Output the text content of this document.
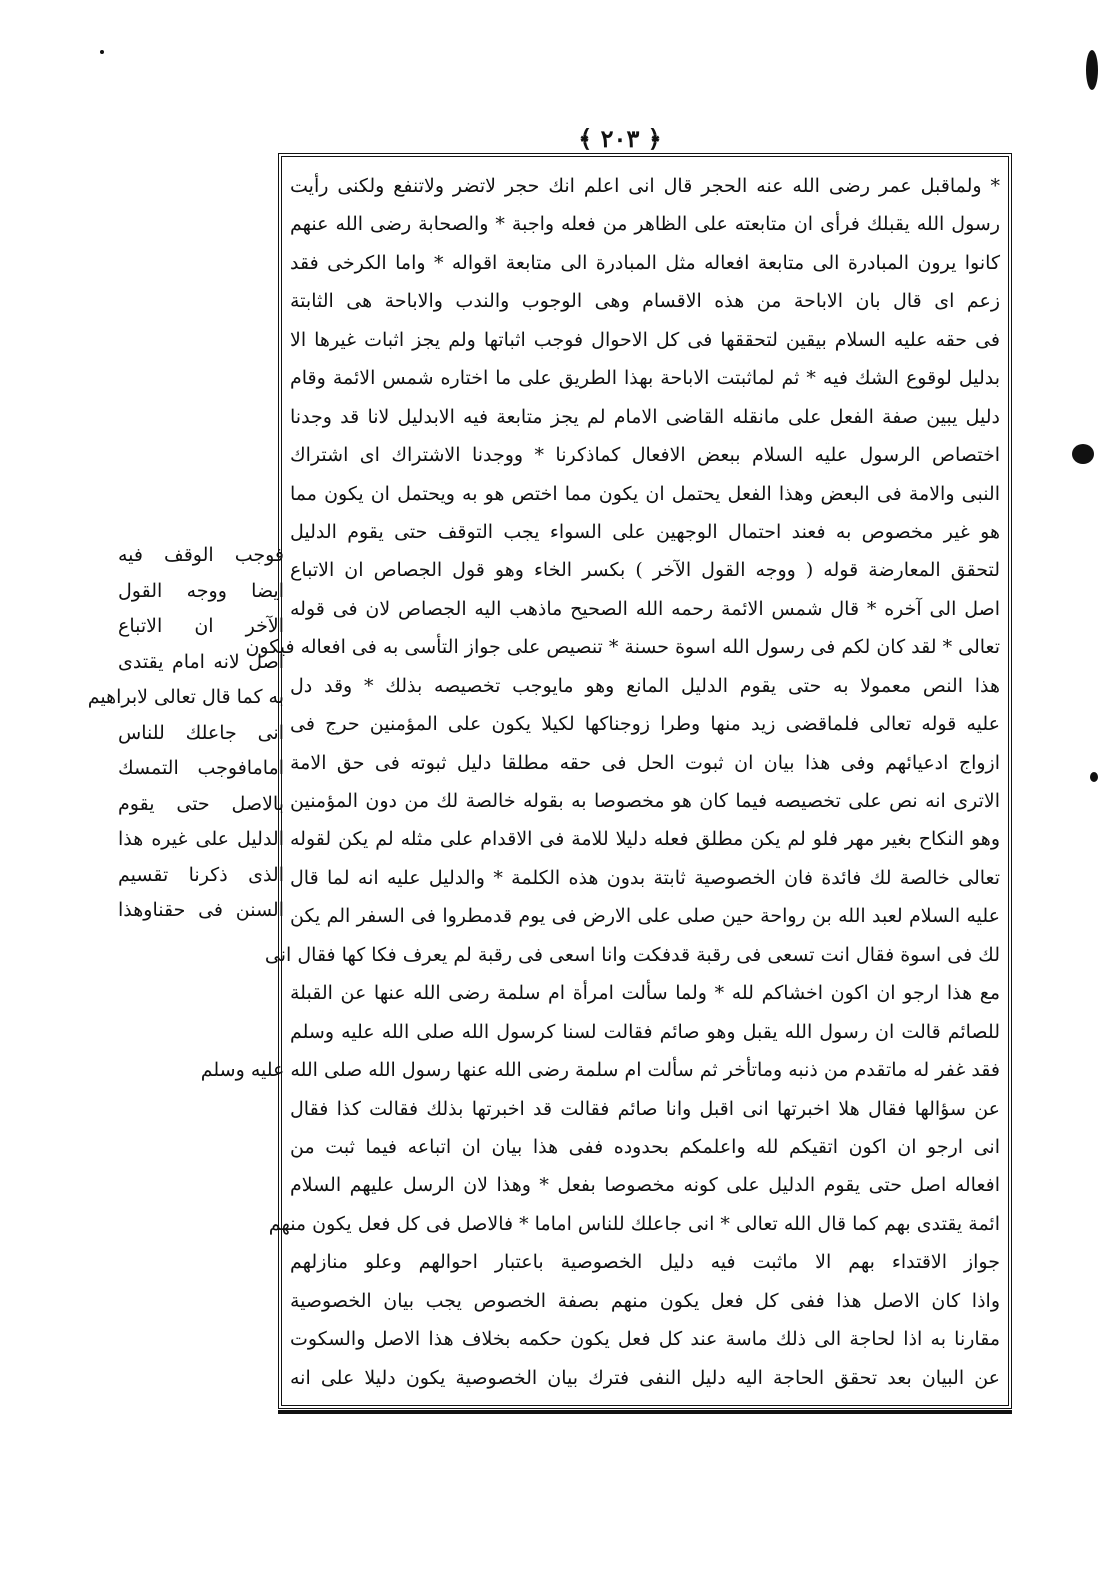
﴿ ٢٠٣ ﴾
* ولماقبل عمر رضى الله عنه الحجر قال انى اعلم انك حجر لاتضر ولاتنفع ولكنى رأيت
رسول الله يقبلك فرأى ان متابعته على الظاهر من فعله واجبة * والصحابة رضى الله عنهم
كانوا يرون المبادرة الى متابعة افعاله مثل المبادرة الى متابعة اقواله * واما الكرخى فقد
زعم اى قال بان الاباحة من هذه الاقسام وهى الوجوب والندب والاباحة هى الثابتة
فى حقه عليه السلام بيقين لتحققها فى كل الاحوال فوجب اثباتها ولم يجز اثبات غيرها الا
بدليل لوقوع الشك فيه * ثم لماثبتت الاباحة بهذا الطريق على ما اختاره شمس الائمة وقام
دليل يبين صفة الفعل على مانقله القاضى الامام لم يجز متابعة فيه الابدليل لانا قد وجدنا
اختصاص الرسول عليه السلام ببعض الافعال كماذكرنا * ووجدنا الاشتراك اى اشتراك
النبى والامة فى البعض وهذا الفعل يحتمل ان يكون مما اختص هو به ويحتمل ان يكون مما
هو غير مخصوص به فعند احتمال الوجهين على السواء يجب التوقف حتى يقوم الدليل
لتحقق المعارضة قوله ( ووجه القول الآخر ) بكسر الخاء وهو قول الجصاص ان الاتباع
اصل الى آخره * قال شمس الائمة رحمه الله الصحيح ماذهب اليه الجصاص لان فى قوله
تعالى * لقد كان لكم فى رسول الله اسوة حسنة * تنصيص على جواز التأسى به فى افعاله فيكون
هذا النص معمولا به حتى يقوم الدليل المانع وهو مايوجب تخصيصه بذلك * وقد دل
عليه قوله تعالى فلماقضى زيد منها وطرا زوجناكها لكيلا يكون على المؤمنين حرج فى
ازواج ادعيائهم وفى هذا بيان ان ثبوت الحل فى حقه مطلقا دليل ثبوته فى حق الامة
الاترى انه نص على تخصيصه فيما كان هو مخصوصا به بقوله خالصة لك من دون المؤمنين
وهو النكاح بغير مهر فلو لم يكن مطلق فعله دليلا للامة فى الاقدام على مثله لم يكن لقوله
تعالى خالصة لك فائدة فان الخصوصية ثابتة بدون هذه الكلمة * والدليل عليه انه لما قال
عليه السلام لعبد الله بن رواحة حين صلى على الارض فى يوم قدمطروا فى السفر الم يكن
لك فى اسوة فقال انت تسعى فى رقبة قدفكت وانا اسعى فى رقبة لم يعرف فكا كها فقال انى
مع هذا ارجو ان اكون اخشاكم لله * ولما سألت امرأة ام سلمة رضى الله عنها عن القبلة
للصائم قالت ان رسول الله يقبل وهو صائم فقالت لسنا كرسول الله صلى الله عليه وسلم
فقد غفر له ماتقدم من ذنبه وماتأخر ثم سألت ام سلمة رضى الله عنها رسول الله صلى الله عليه وسلم
عن سؤالها فقال هلا اخبرتها انى اقبل وانا صائم فقالت قد اخبرتها بذلك فقالت كذا فقال
انى ارجو ان اكون اتقيكم لله واعلمكم بحدوده ففى هذا بيان ان اتباعه فيما ثبت من
افعاله اصل حتى يقوم الدليل على كونه مخصوصا بفعل * وهذا لان الرسل عليهم السلام
ائمة يقتدى بهم كما قال الله تعالى * انى جاعلك للناس اماما * فالاصل فى كل فعل يكون منهم
جواز الاقتداء بهم الا ماثبت فيه دليل الخصوصية باعتبار احوالهم وعلو منازلهم
واذا كان الاصل هذا ففى كل فعل يكون منهم بصفة الخصوص يجب بيان الخصوصية
مقارنا به اذا لحاجة الى ذلك ماسة عند كل فعل يكون حكمه بخلاف هذا الاصل والسكوت
عن البيان بعد تحقق الحاجة اليه دليل النفى فترك بيان الخصوصية يكون دليلا على انه
فوجب الوقف فيه
ايضا ووجه القول
الآخر ان الاتباع
اصل لانه امام يقتدى
به كما قال تعالى لابراهيم
انى جاعلك للناس
امامافوجب التمسك
بالاصل حتى يقوم
الدليل على غيره هذا
الذى ذكرنا تقسيم
السنن فى حقناوهذا
